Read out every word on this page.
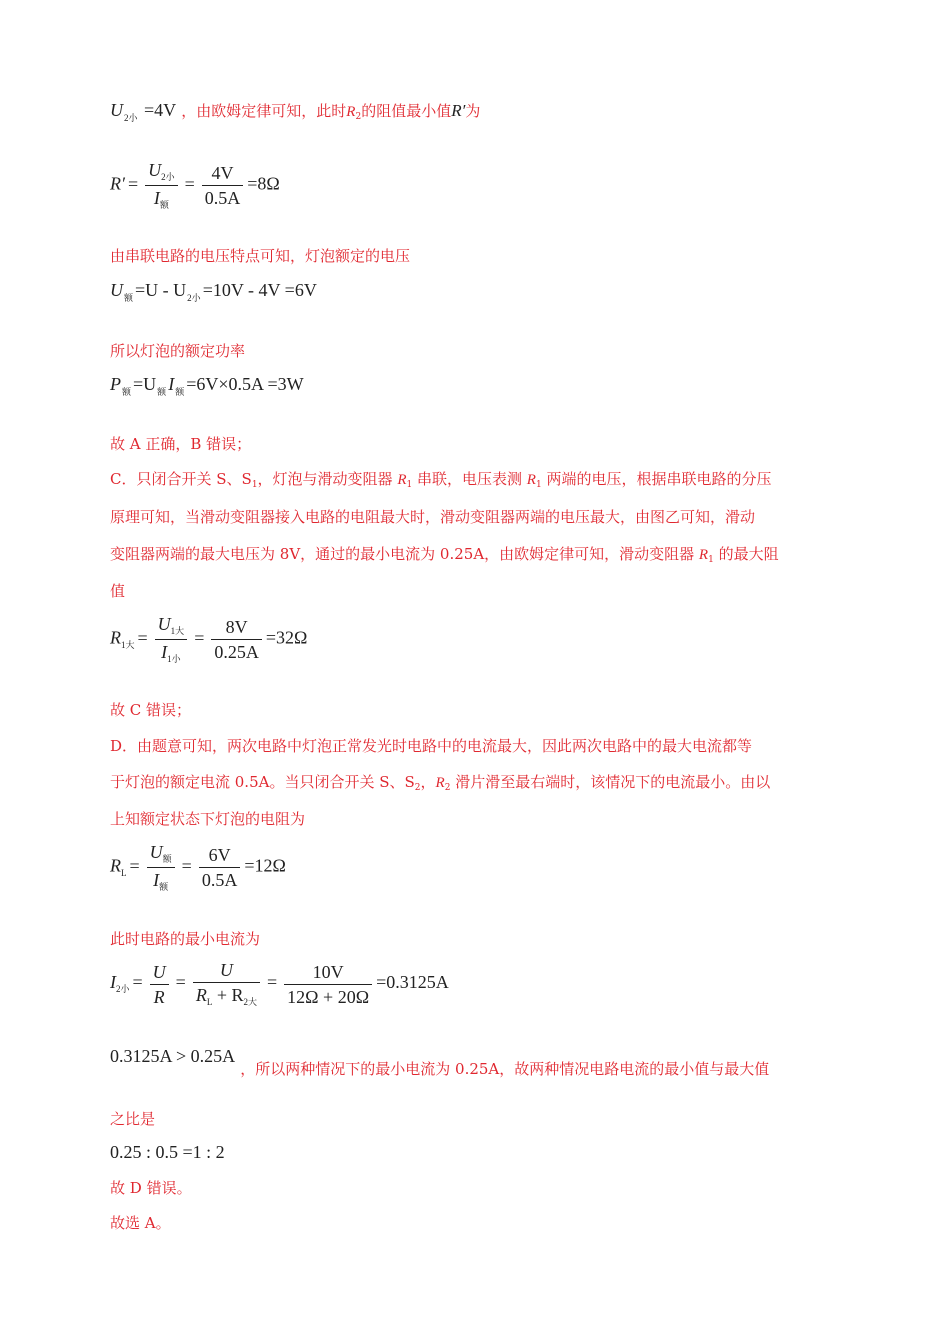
$U_{2小} =4V$ ，由欧姆定律可知，此时$R_2$的阻值最小值R′为
$R' = \frac{U_{2小}}{I_额} = \frac{4V}{0.5A} =8\Omega$
由串联电路的电压特点可知，灯泡额定的电压
$U_额 =U - U_{2小} =10V - 4V =6V$
所以灯泡的额定功率
$P_额 =U_额$ $I_额 =6V\times 0.5A =3W$
故 A 正确，B 错误；
C．只闭合开关 S、$S_1$，灯泡与滑动变阻器 $R_1$ 串联，电压表测 $R_1$ 两端的电压，根据串联电路的分压
原理可知，当滑动变阻器接入电路的电阻最大时，滑动变阻器两端的电压最大，由图乙可知，滑动
变阻器两端的最大电压为 8V，通过的最小电流为 0.25A，由欧姆定律可知，滑动变阻器 $R_1$ 的最大阻
值
$R_{1大} = \frac{U_{1大}}{I_{1小}} = \frac{8V}{0.25A} =32\Omega$
故 C 错误；
D．由题意可知，两次电路中灯泡正常发光时电路中的电流最大，因此两次电路中的最大电流都等
于灯泡的额定电流 0.5A。当只闭合开关 S、$S_2$，$R_2$ 滑片滑至最右端时，该情况下的电流最小。由以
上知额定状态下灯泡的电阻为
$R_L = \frac{U_额}{I_额} = \frac{6V}{0.5A} =12\Omega$
此时电路的最小电流为
$I_{2小} = \frac{U}{R} = \frac{U}{R_L + R_{2大}} = \frac{10V}{12\Omega + 20\Omega} =0.3125A$
0.3125A > 0.25A ，所以两种情况下的最小电流为 0.25A，故两种情况电路电流的最小值与最大值
之比是
0.25 : 0.5 =1 : 2
故 D 错误。
故选 A。
